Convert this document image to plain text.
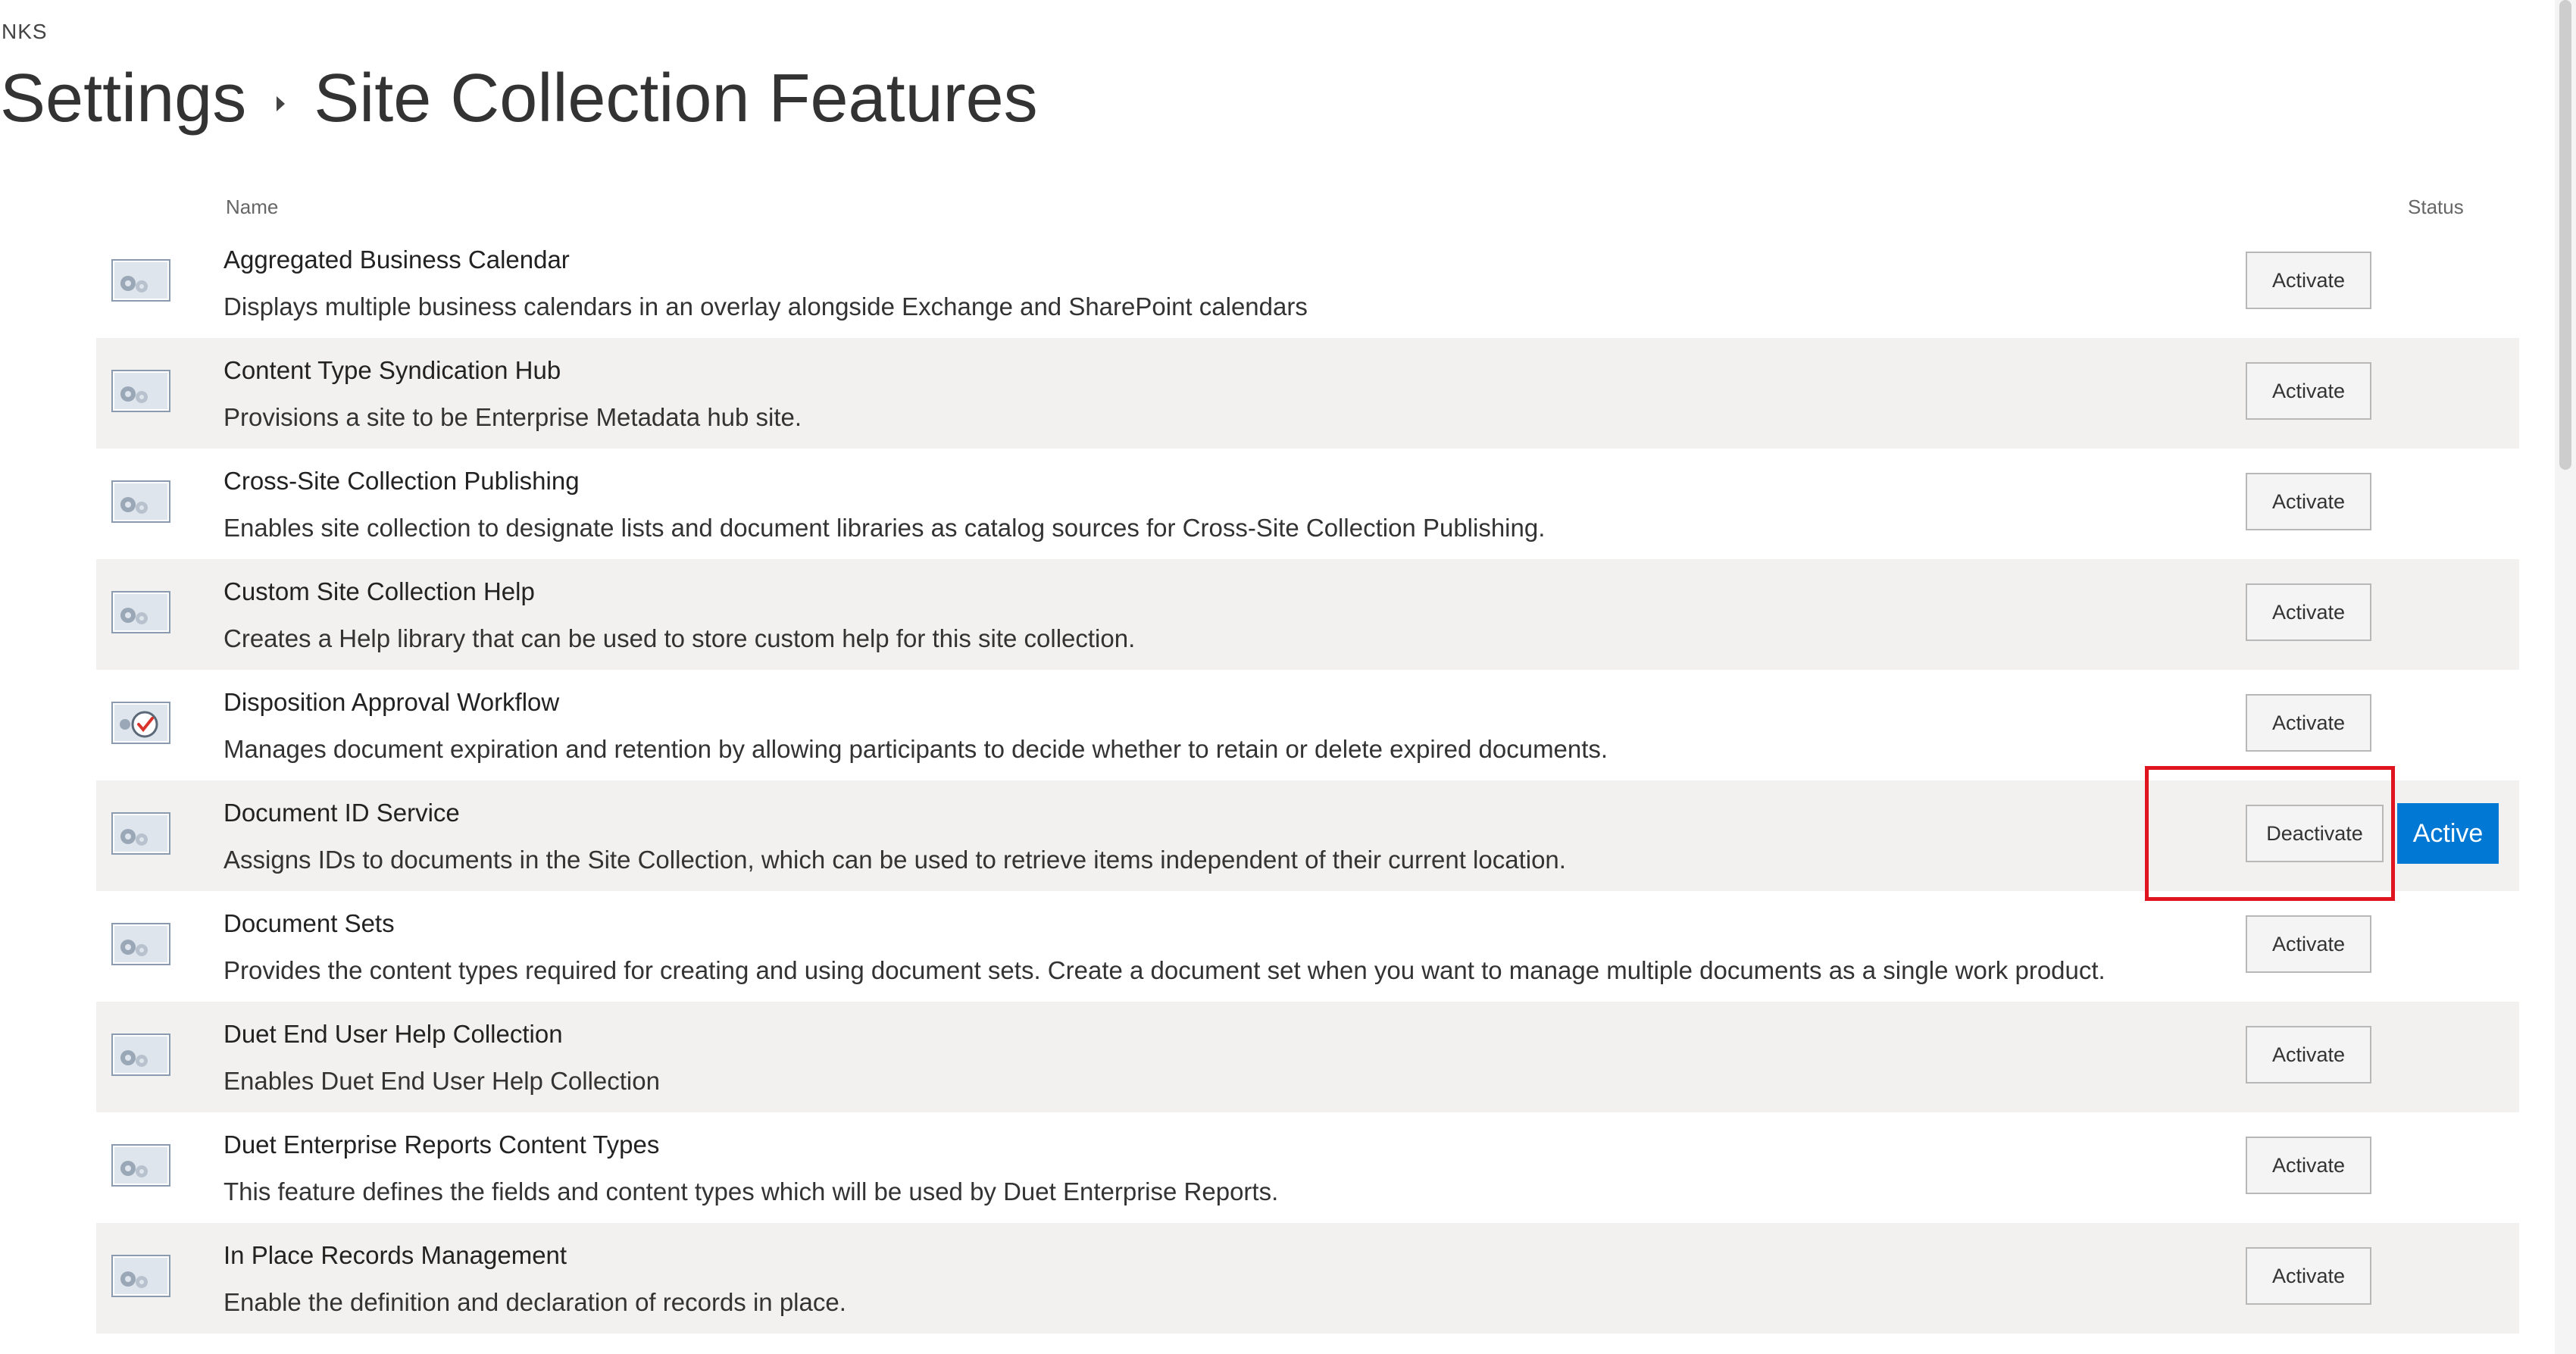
NKS
Settings Site Collection Features
Name	Status
Aggregated Business Calendar
Displays multiple business calendars in an overlay alongside Exchange and SharePoint calendars
Activate
Content Type Syndication Hub
Provisions a site to be Enterprise Metadata hub site.
Activate
Cross-Site Collection Publishing
Enables site collection to designate lists and document libraries as catalog sources for Cross-Site Collection Publishing.
Activate
Custom Site Collection Help
Creates a Help library that can be used to store custom help for this site collection.
Activate
Disposition Approval Workflow
Manages document expiration and retention by allowing participants to decide whether to retain or delete expired documents.
Activate
Document ID Service
Assigns IDs to documents in the Site Collection, which can be used to retrieve items independent of their current location.
Deactivate	Active
Document Sets
Provides the content types required for creating and using document sets. Create a document set when you want to manage multiple documents as a single work product.
Activate
Duet End User Help Collection
Enables Duet End User Help Collection
Activate
Duet Enterprise Reports Content Types
This feature defines the fields and content types which will be used by Duet Enterprise Reports.
Activate
In Place Records Management
Enable the definition and declaration of records in place.
Activate
